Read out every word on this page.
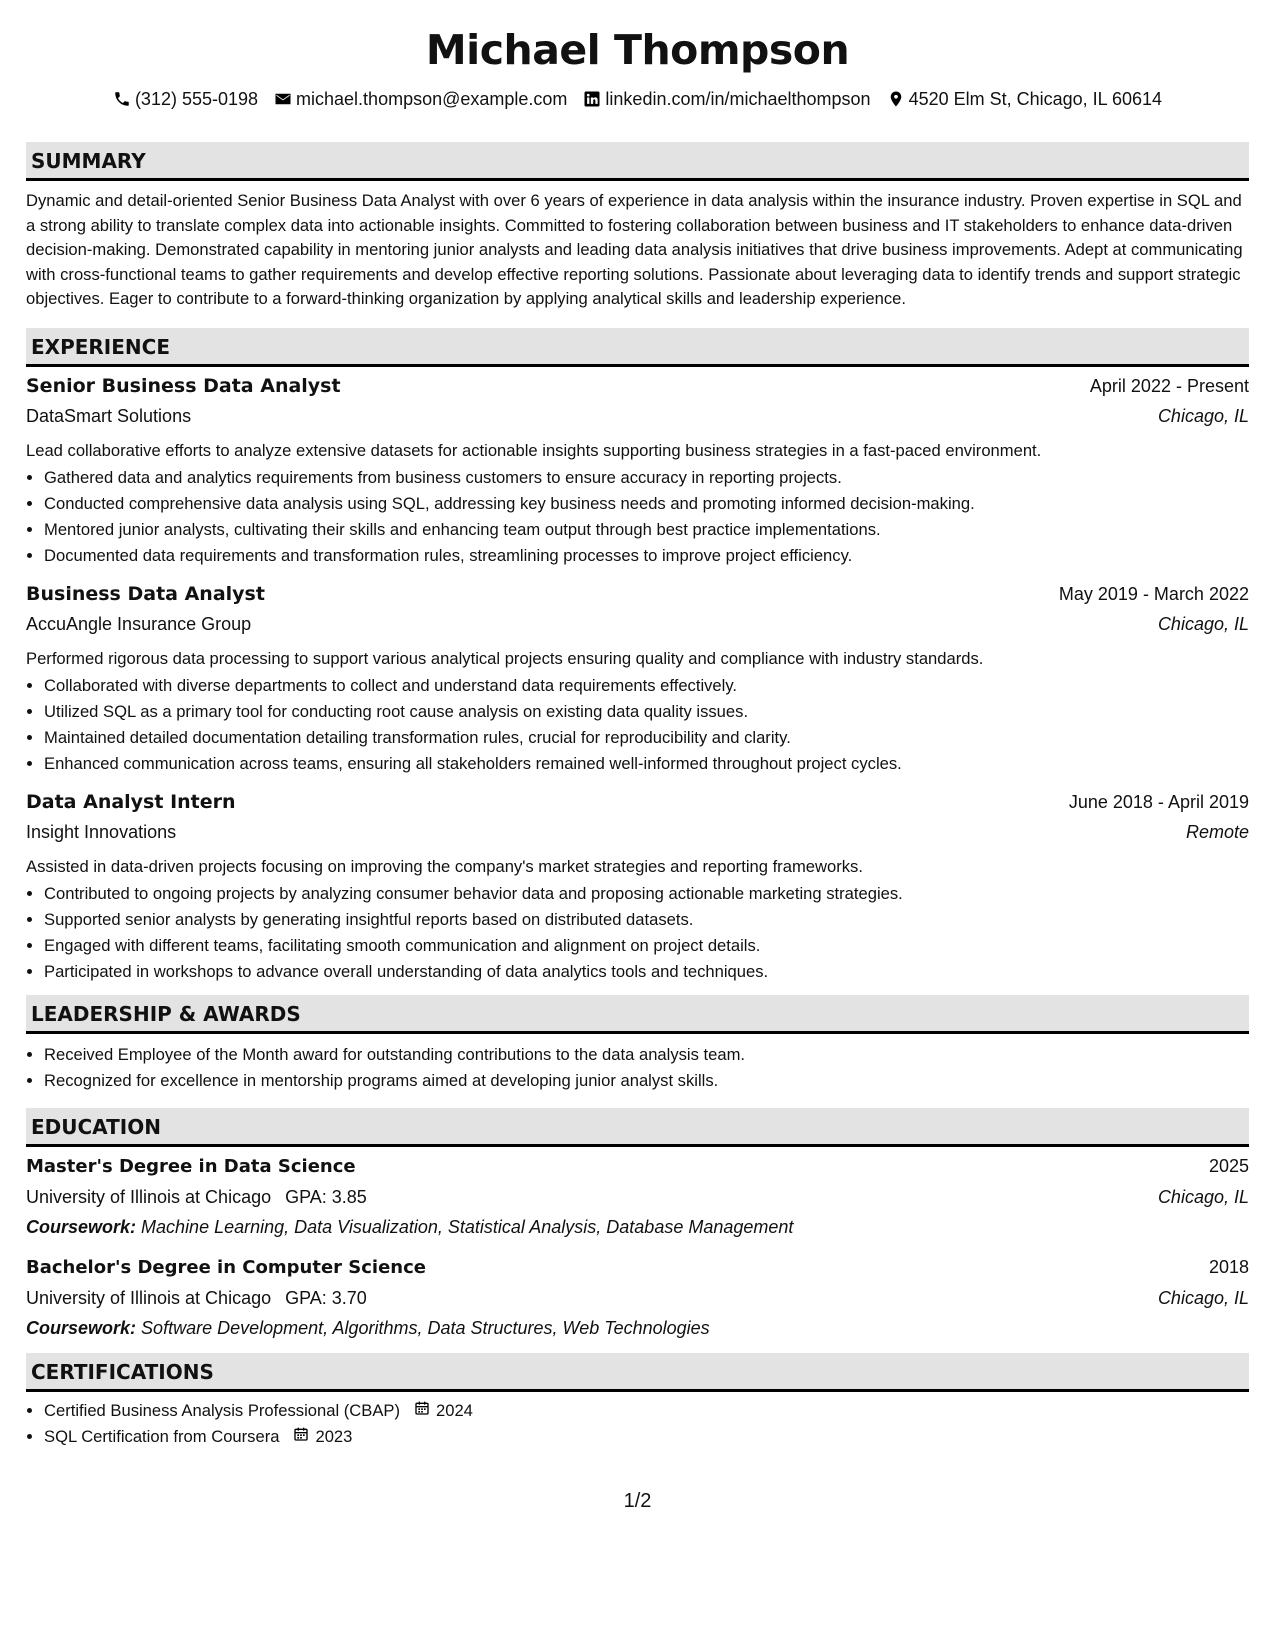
Michael Thompson
(312) 555-0198 michael.thompson@example.com linkedin.com/in/michaelthompson 4520 Elm St, Chicago, IL 60614
SUMMARY
Dynamic and detail-oriented Senior Business Data Analyst with over 6 years of experience in data analysis within the insurance industry. Proven expertise in SQL and a strong ability to translate complex data into actionable insights. Committed to fostering collaboration between business and IT stakeholders to enhance data-driven decision-making. Demonstrated capability in mentoring junior analysts and leading data analysis initiatives that drive business improvements. Adept at communicating with cross-functional teams to gather requirements and develop effective reporting solutions. Passionate about leveraging data to identify trends and support strategic objectives. Eager to contribute to a forward-thinking organization by applying analytical skills and leadership experience.
EXPERIENCE
Senior Business Data Analyst	April 2022 - Present
DataSmart Solutions	Chicago, IL
Lead collaborative efforts to analyze extensive datasets for actionable insights supporting business strategies in a fast-paced environment.
• Gathered data and analytics requirements from business customers to ensure accuracy in reporting projects.
• Conducted comprehensive data analysis using SQL, addressing key business needs and promoting informed decision-making.
• Mentored junior analysts, cultivating their skills and enhancing team output through best practice implementations.
• Documented data requirements and transformation rules, streamlining processes to improve project efficiency.
Business Data Analyst	May 2019 - March 2022
AccuAngle Insurance Group	Chicago, IL
Performed rigorous data processing to support various analytical projects ensuring quality and compliance with industry standards.
• Collaborated with diverse departments to collect and understand data requirements effectively.
• Utilized SQL as a primary tool for conducting root cause analysis on existing data quality issues.
• Maintained detailed documentation detailing transformation rules, crucial for reproducibility and clarity.
• Enhanced communication across teams, ensuring all stakeholders remained well-informed throughout project cycles.
Data Analyst Intern	June 2018 - April 2019
Insight Innovations	Remote
Assisted in data-driven projects focusing on improving the company's market strategies and reporting frameworks.
• Contributed to ongoing projects by analyzing consumer behavior data and proposing actionable marketing strategies.
• Supported senior analysts by generating insightful reports based on distributed datasets.
• Engaged with different teams, facilitating smooth communication and alignment on project details.
• Participated in workshops to advance overall understanding of data analytics tools and techniques.
LEADERSHIP & AWARDS
• Received Employee of the Month award for outstanding contributions to the data analysis team.
• Recognized for excellence in mentorship programs aimed at developing junior analyst skills.
EDUCATION
Master's Degree in Data Science	2025
University of Illinois at Chicago GPA: 3.85	Chicago, IL
Coursework: Machine Learning, Data Visualization, Statistical Analysis, Database Management
Bachelor's Degree in Computer Science	2018
University of Illinois at Chicago GPA: 3.70	Chicago, IL
Coursework: Software Development, Algorithms, Data Structures, Web Technologies
CERTIFICATIONS
• Certified Business Analysis Professional (CBAP) 2024
• SQL Certification from Coursera 2023
1/2
